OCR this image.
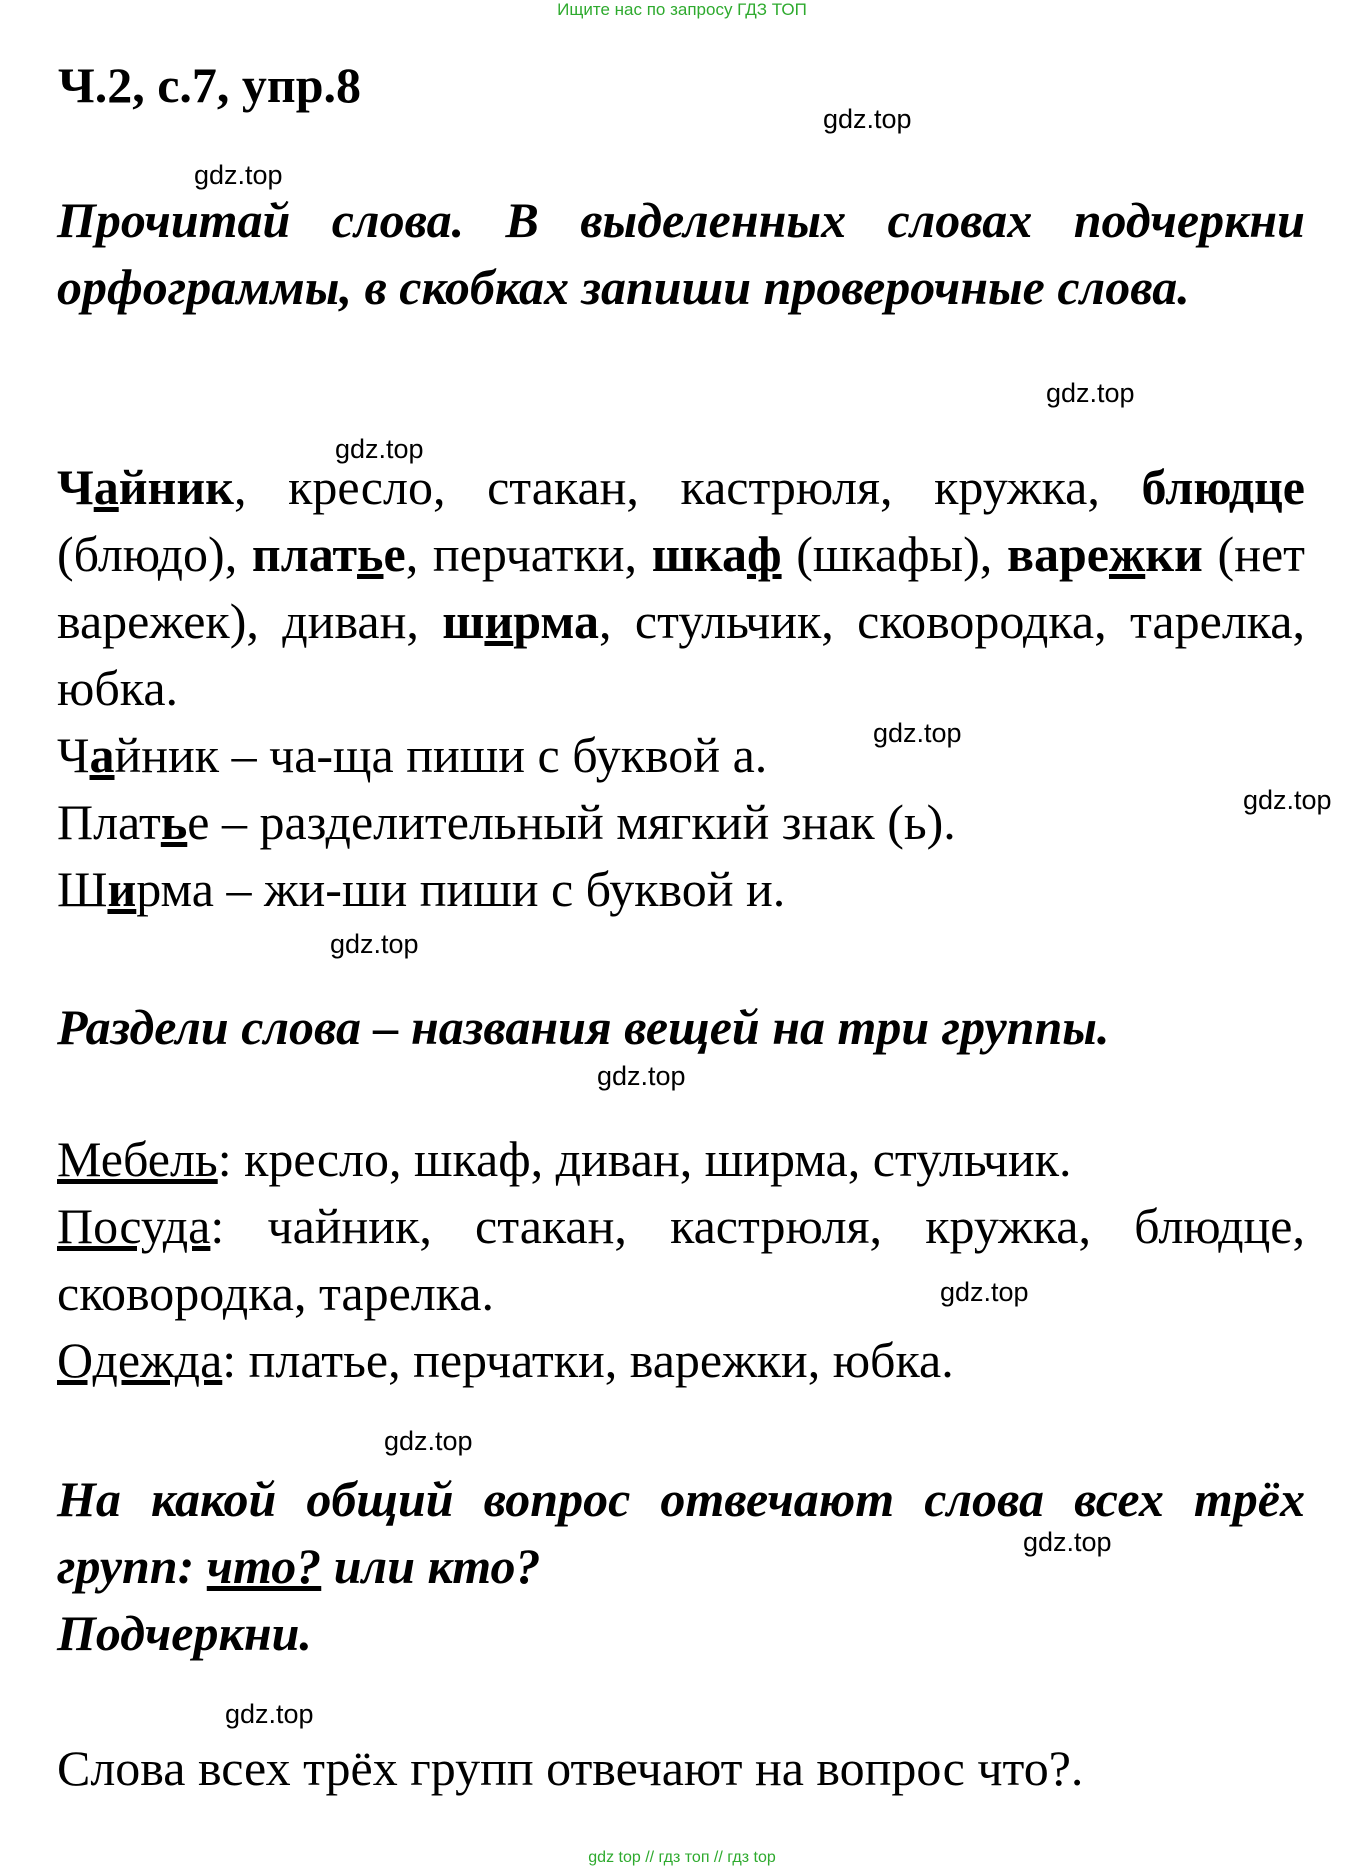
Ищите нас по запросу ГДЗ ТОП
Ч.2, с.7, упр.8
gdz.top
gdz.top
gdz.top
gdz.top
gdz.top
gdz.top
gdz.top
gdz.top
gdz.top
gdz.top
gdz.top
gdz.top
Прочитай слова. В выделенных словах подчеркни орфограммы, в скобках запиши проверочные слова.
Чайник, кресло, стакан, кастрюля, кружка, блюдце (блюдо), платье, перчатки, шкаф (шкафы), варежки (нет варежек), диван, ширма, стульчик, сковородка, тарелка, юбка.
Чайник – ча-ща пиши с буквой а.
Платье – разделительный мягкий знак (ь).
Ширма – жи-ши пиши с буквой и.
Раздели слова – названия вещей на три группы.
Мебель: кресло, шкаф, диван, ширма, стульчик.
Посуда: чайник, стакан, кастрюля, кружка, блюдце, сковородка, тарелка.
Одежда: платье, перчатки, варежки, юбка.
На какой общий вопрос отвечают слова всех трёх групп: что? или кто?
Подчеркни.
Слова всех трёх групп отвечают на вопрос что?.
gdz top // гдз топ // гдз top
